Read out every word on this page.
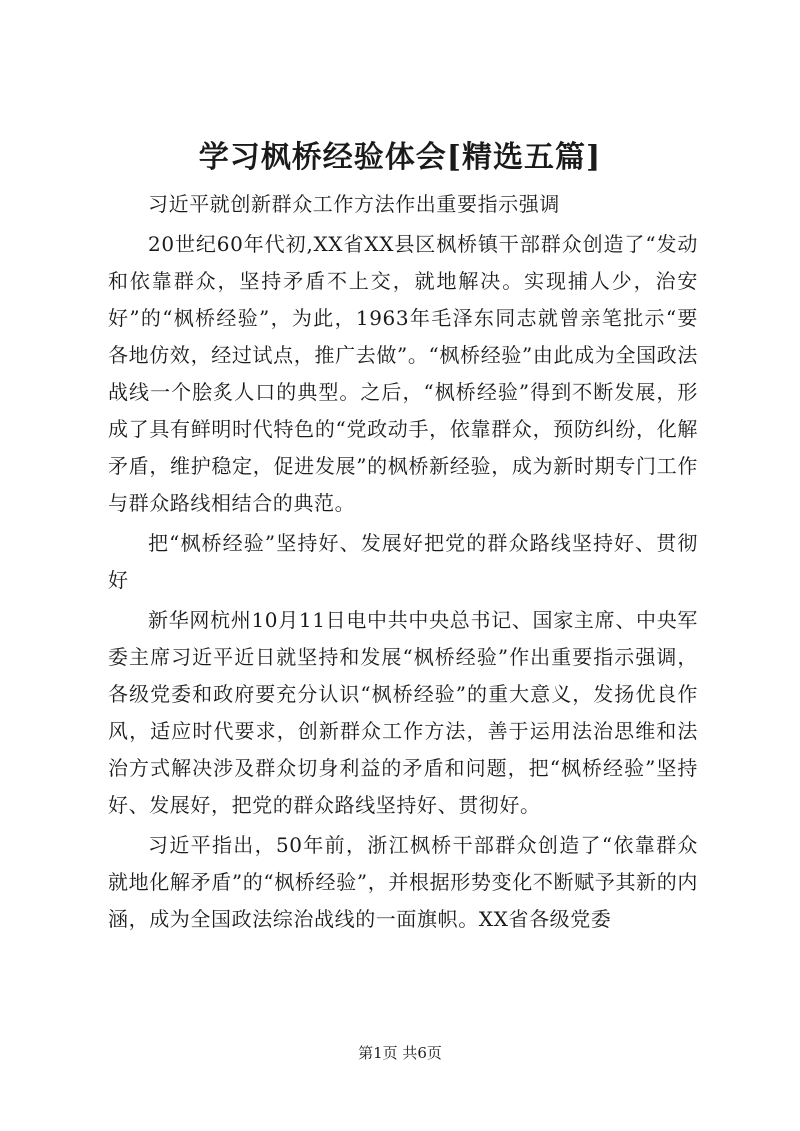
学习枫桥经验体会[精选五篇]

习近平就创新群众工作方法作出重要指示强调

20世纪60年代初,XX省XX县区枫桥镇干部群众创造了“发动和依靠群众，坚持矛盾不上交，就地解决。实现捕人少，治安好”的“枫桥经验”，为此，1963年毛泽东同志就曾亲笔批示“要各地仿效，经过试点，推广去做”。“枫桥经验”由此成为全国政法战线一个脍炙人口的典型。之后，“枫桥经验”得到不断发展，形成了具有鲜明时代特色的“党政动手，依靠群众，预防纠纷，化解矛盾，维护稳定，促进发展”的枫桥新经验，成为新时期专门工作与群众路线相结合的典范。

把“枫桥经验”坚持好、发展好把党的群众路线坚持好、贯彻好

新华网杭州10月11日电中共中央总书记、国家主席、中央军委主席习近平近日就坚持和发展“枫桥经验”作出重要指示强调，各级党委和政府要充分认识“枫桥经验”的重大意义，发扬优良作风，适应时代要求，创新群众工作方法，善于运用法治思维和法治方式解决涉及群众切身利益的矛盾和问题，把“枫桥经验”坚持好、发展好，把党的群众路线坚持好、贯彻好。

习近平指出，50年前，浙江枫桥干部群众创造了“依靠群众就地化解矛盾”的“枫桥经验”，并根据形势变化不断赋予其新的内涵，成为全国政法综治战线的一面旗帜。XX省各级党委

第1页 共6页
